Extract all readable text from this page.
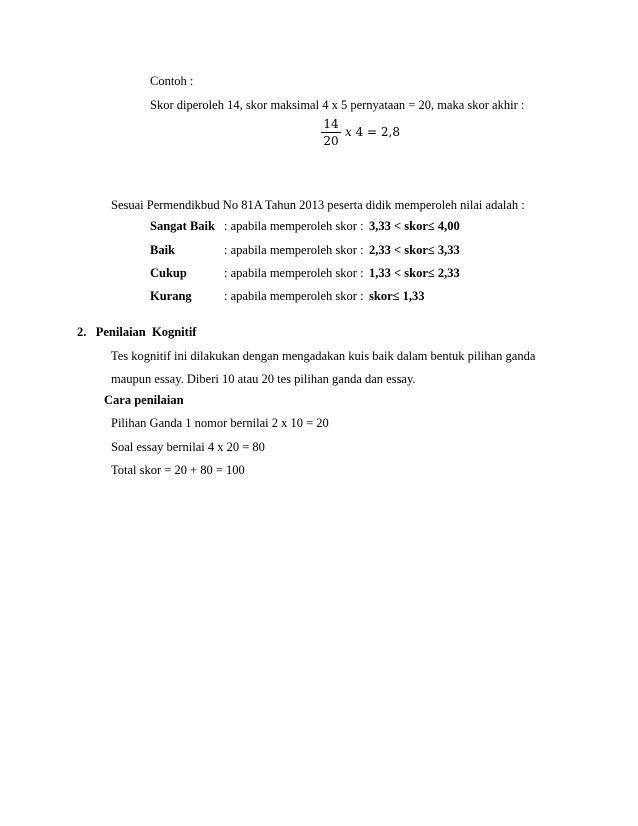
Contoh :
Skor diperoleh 14, skor maksimal 4 x 5 pernyataan = 20, maka skor akhir :
14
20
x 4 = 2,8
Sesuai Permendikbud No 81A Tahun 2013 peserta didik memperoleh nilai adalah :
Sangat Baik : apabila memperoleh skor : 3,33 < skor≤ 4,00
Baik	: apabila memperoleh skor : 2,33 < skor≤ 3,33
Cukup	: apabila memperoleh skor : 1,33 < skor≤ 2,33
Kurang	: apabila memperoleh skor : skor≤ 1,33
2.   Penilaian  Kognitif
Tes kognitif ini dilakukan dengan mengadakan kuis baik dalam bentuk pilihan ganda
maupun essay. Diberi 10 atau 20 tes pilihan ganda dan essay.
Cara penilaian
Pilihan Ganda 1 nomor bernilai 2 x 10 = 20
Soal essay bernilai 4 x 20 = 80
Total skor = 20 + 80 = 100
